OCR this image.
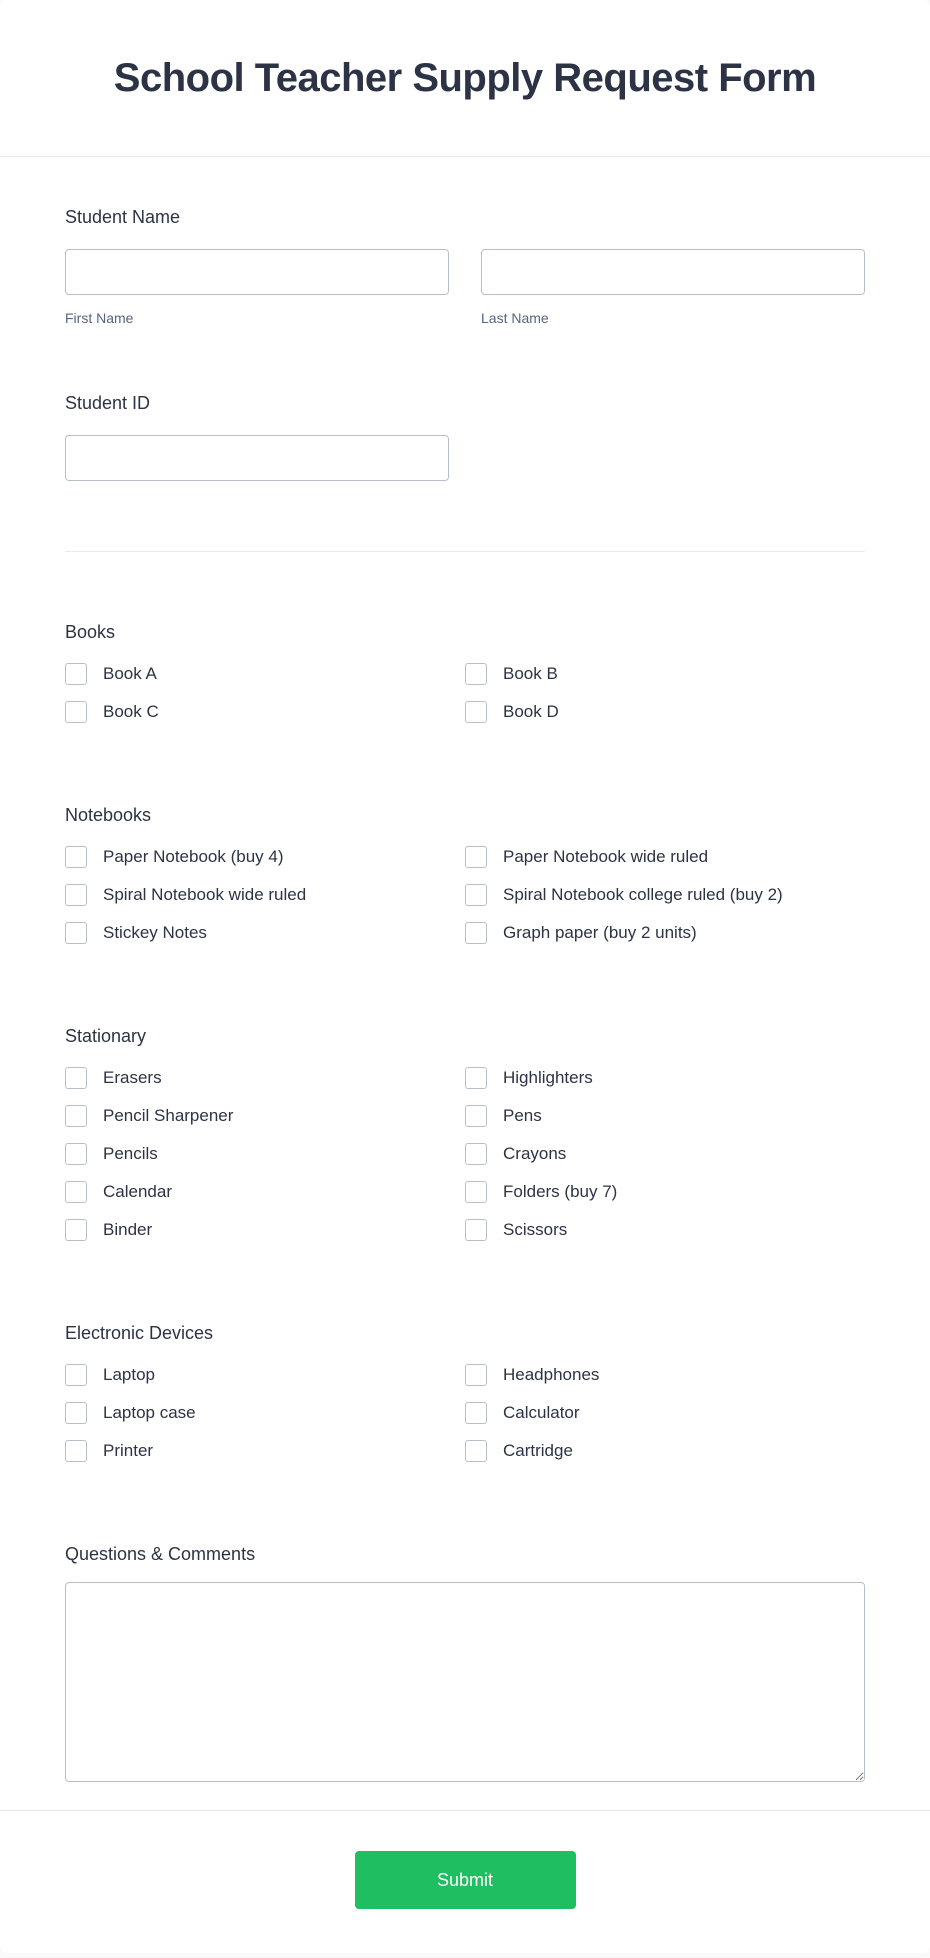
School Teacher Supply Request Form
Student Name
First Name	Last Name
Student ID
Books
Book A	Book B
Book C	Book D
Notebooks
Paper Notebook (buy 4)	Paper Notebook wide ruled
Spiral Notebook wide ruled	Spiral Notebook college ruled (buy 2)
Stickey Notes	Graph paper (buy 2 units)
Stationary
Erasers	Highlighters
Pencil Sharpener	Pens
Pencils	Crayons
Calendar	Folders (buy 7)
Binder	Scissors
Electronic Devices
Laptop	Headphones
Laptop case	Calculator
Printer	Cartridge
Questions & Comments
Submit
